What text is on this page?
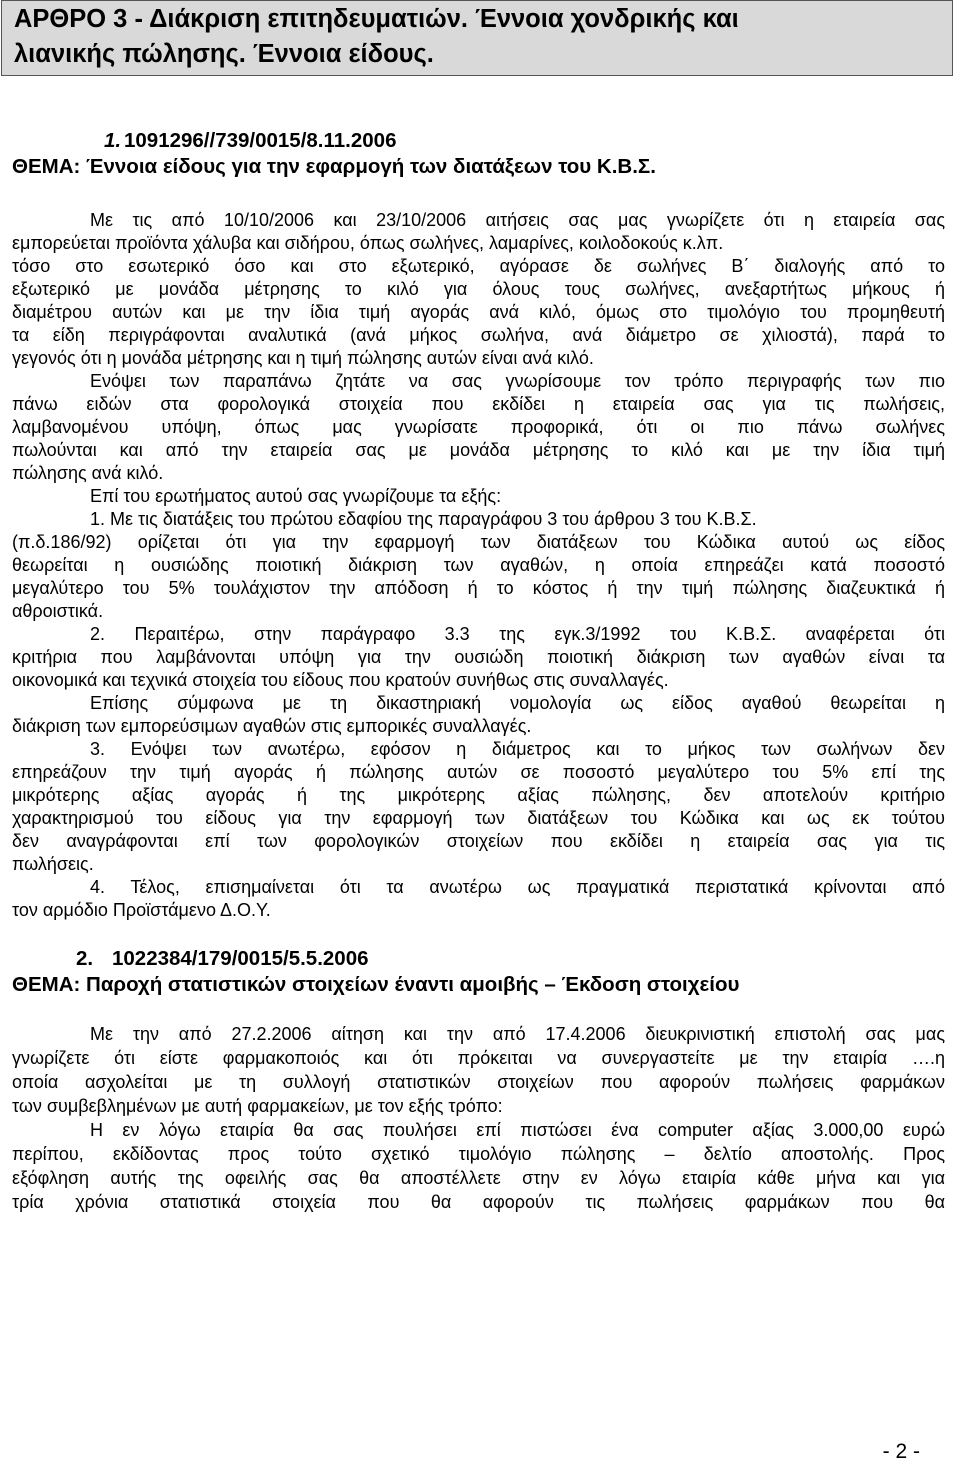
ΑΡΘΡΟ 3 - Διάκριση επιτηδευματιών. Έννοια χονδρικής και
λιανικής πώλησης. Έννοια είδους.
1. 1091296//739/0015/8.11.2006
ΘΕΜΑ: Έννοια είδους για την εφαρμογή των διατάξεων του Κ.Β.Σ.
Με τις από 10/10/2006 και 23/10/2006 αιτήσεις σας μας γνωρίζετε ότι η εταιρεία σας
εμπορεύεται προϊόντα χάλυβα και σιδήρου, όπως σωλήνες, λαμαρίνες, κοιλοδοκούς κ.λπ.
τόσο στο εσωτερικό όσο και στο εξωτερικό, αγόρασε δε σωλήνες Β΄ διαλογής από το
εξωτερικό με μονάδα μέτρησης το κιλό για όλους τους σωλήνες, ανεξαρτήτως μήκους ή
διαμέτρου αυτών και με την ίδια τιμή αγοράς ανά κιλό, όμως στο τιμολόγιο του προμηθευτή
τα είδη περιγράφονται αναλυτικά (ανά μήκος σωλήνα, ανά διάμετρο σε χιλιοστά), παρά το
γεγονός ότι η μονάδα μέτρησης και η τιμή πώλησης αυτών είναι ανά κιλό.
Ενόψει των παραπάνω ζητάτε να σας γνωρίσουμε τον τρόπο περιγραφής των πιο
πάνω ειδών στα φορολογικά στοιχεία που εκδίδει η εταιρεία σας για τις πωλήσεις,
λαμβανομένου υπόψη, όπως μας γνωρίσατε προφορικά, ότι οι πιο πάνω σωλήνες
πωλούνται και από την εταιρεία σας με μονάδα μέτρησης το κιλό και με την ίδια τιμή
πώλησης ανά κιλό.
Επί του ερωτήματος αυτού σας γνωρίζουμε τα εξής:
1. Με τις διατάξεις του πρώτου εδαφίου της παραγράφου 3 του άρθρου 3 του Κ.Β.Σ.
(π.δ.186/92) ορίζεται ότι για την εφαρμογή των διατάξεων του Κώδικα αυτού ως είδος
θεωρείται η ουσιώδης ποιοτική διάκριση των αγαθών, η οποία επηρεάζει κατά ποσοστό
μεγαλύτερο του 5% τουλάχιστον την απόδοση ή το κόστος ή την τιμή πώλησης διαζευκτικά ή
αθροιστικά.
2. Περαιτέρω, στην παράγραφο 3.3 της εγκ.3/1992 του Κ.Β.Σ. αναφέρεται ότι
κριτήρια που λαμβάνονται υπόψη για την ουσιώδη ποιοτική διάκριση των αγαθών είναι τα
οικονομικά και τεχνικά στοιχεία του είδους που κρατούν συνήθως στις συναλλαγές.
Επίσης σύμφωνα με τη δικαστηριακή νομολογία ως είδος αγαθού θεωρείται η
διάκριση των εμπορεύσιμων αγαθών στις εμπορικές συναλλαγές.
3. Ενόψει των ανωτέρω, εφόσον η διάμετρος και το μήκος των σωλήνων δεν
επηρεάζουν την τιμή αγοράς ή πώλησης αυτών σε ποσοστό μεγαλύτερο του 5% επί της
μικρότερης αξίας αγοράς ή της μικρότερης αξίας πώλησης, δεν αποτελούν κριτήριο
χαρακτηρισμού του είδους για την εφαρμογή των διατάξεων του Κώδικα και ως εκ τούτου
δεν αναγράφονται επί των φορολογικών στοιχείων που εκδίδει η εταιρεία σας για τις
πωλήσεις.
4. Τέλος, επισημαίνεται ότι τα ανωτέρω ως πραγματικά περιστατικά κρίνονται από
τον αρμόδιο Προϊστάμενο Δ.Ο.Υ.
2. 1022384/179/0015/5.5.2006
ΘΕΜΑ: Παροχή στατιστικών στοιχείων έναντι αμοιβής – Έκδοση στοιχείου
Με την από 27.2.2006 αίτηση και την από 17.4.2006 διευκρινιστική επιστολή σας μας
γνωρίζετε ότι είστε φαρμακοποιός και ότι πρόκειται να συνεργαστείτε με την εταιρία ….η
οποία ασχολείται με τη συλλογή στατιστικών στοιχείων που αφορούν πωλήσεις φαρμάκων
των συμβεβλημένων με αυτή φαρμακείων, με τον εξής τρόπο:
Η εν λόγω εταιρία θα σας πουλήσει επί πιστώσει ένα computer αξίας 3.000,00 ευρώ
περίπου, εκδίδοντας προς τούτο σχετικό τιμολόγιο πώλησης – δελτίο αποστολής. Προς
εξόφληση αυτής της οφειλής σας θα αποστέλλετε στην εν λόγω εταιρία κάθε μήνα και για
τρία χρόνια στατιστικά στοιχεία που θα αφορούν τις πωλήσεις φαρμάκων που θα
- 2 -
